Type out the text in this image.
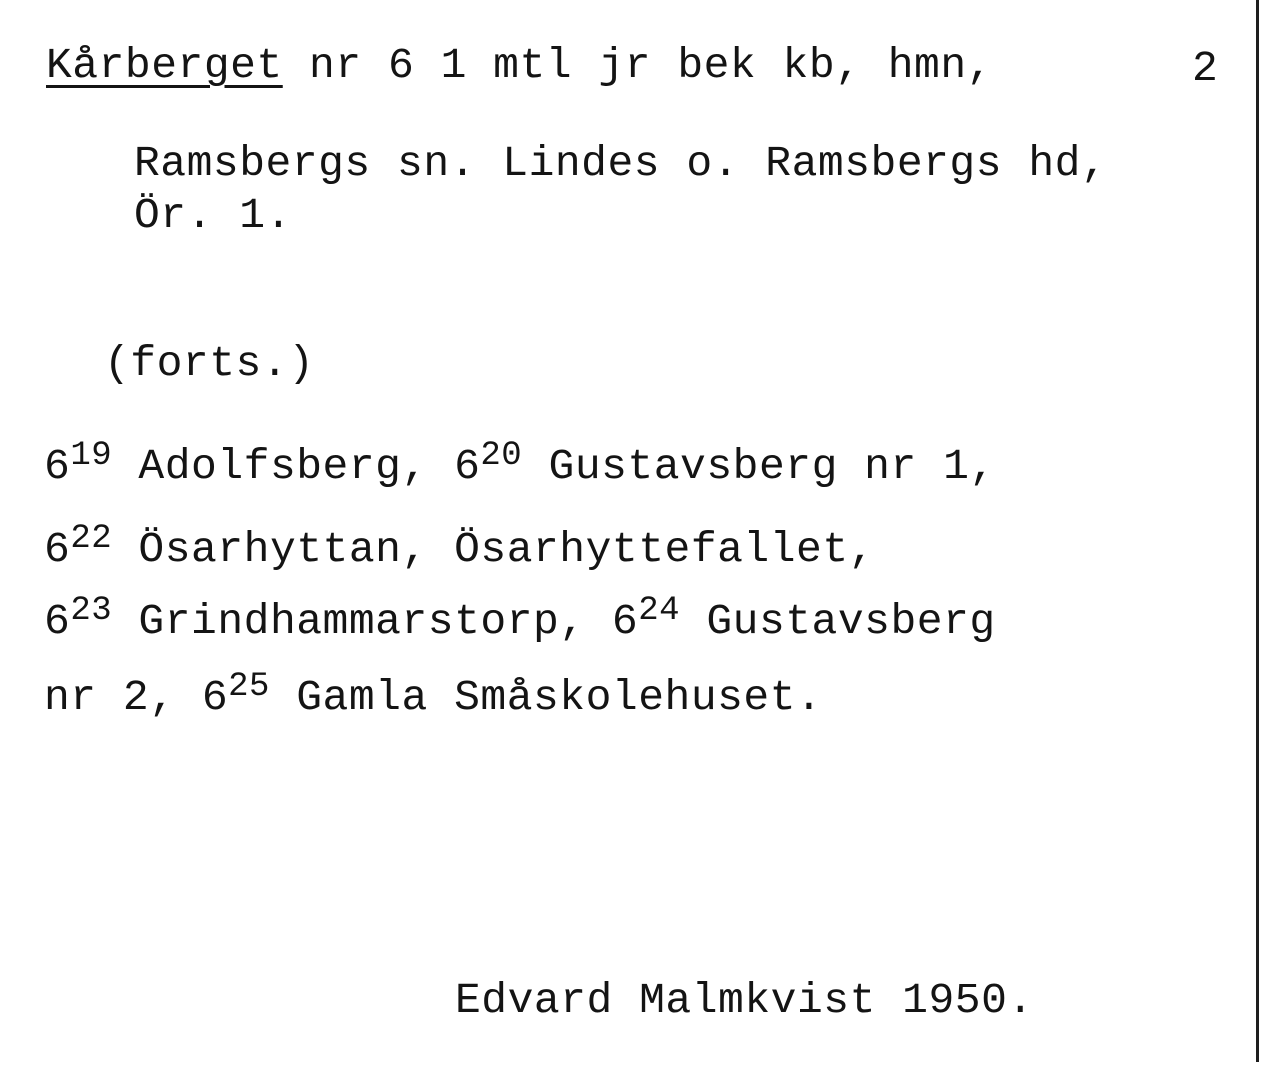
Kårberget nr 6 1 mtl jr bek kb, hmn,	2
Ramsbergs sn. Lindes o. Ramsbergs hd,
Ör. 1.
(forts.)
$6^{19}$ Adolfsberg, $6^{20}$ Gustavsberg nr 1,
$6^{22}$ Ösarhyttan, Ösarhyttefallet,
$6^{23}$ Grindhammarstorp, $6^{24}$ Gustavsberg
nr 2, $6^{25}$ Gamla Småskolehuset.
Edvard Malmkvist 1950.
